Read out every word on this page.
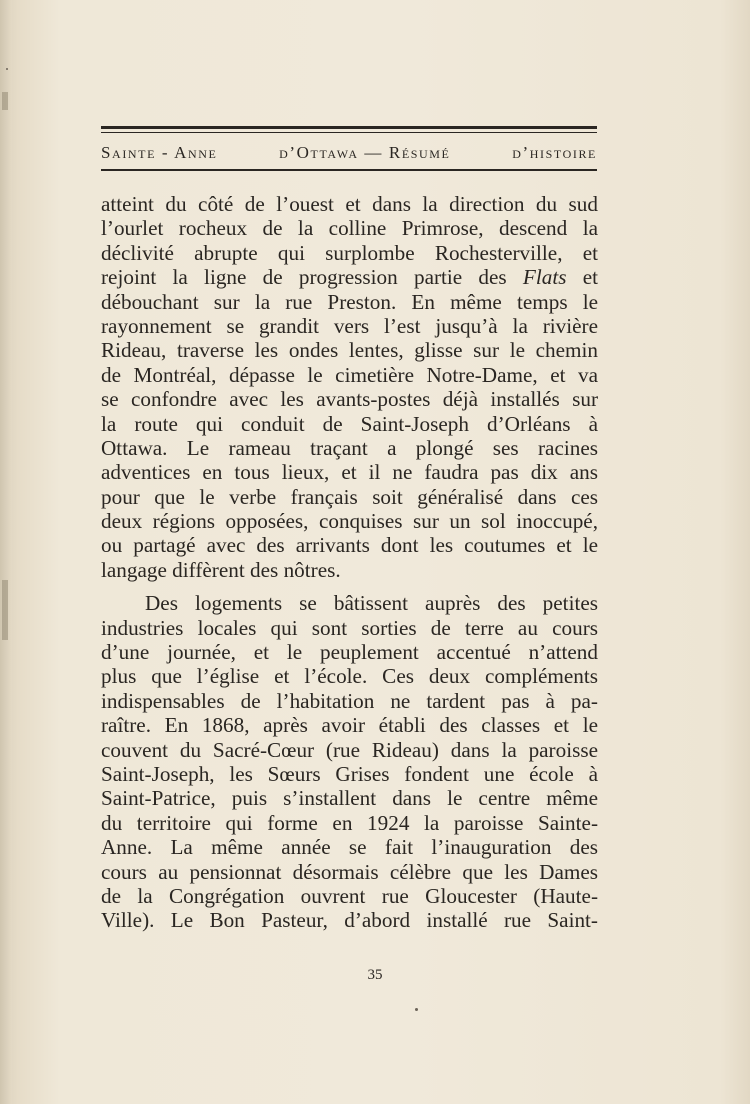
Sainte - Anne	d’Ottawa — Résumé	d’histoire

atteint du côté de l’ouest et dans la direction du sud
l’ourlet rocheux de la colline Primrose, descend la
déclivité abrupte qui surplombe Rochesterville, et
rejoint la ligne de progression partie des Flats et
débouchant sur la rue Preston. En même temps le
rayonnement se grandit vers l’est jusqu’à la rivière
Rideau, traverse les ondes lentes, glisse sur le chemin
de Montréal, dépasse le cimetière Notre-Dame, et va
se confondre avec les avants-postes déjà installés sur
la route qui conduit de Saint-Joseph d’Orléans à
Ottawa. Le rameau traçant a plongé ses racines
adventices en tous lieux, et il ne faudra pas dix ans
pour que le verbe français soit généralisé dans ces
deux régions opposées, conquises sur un sol inoccupé,
ou partagé avec des arrivants dont les coutumes et le
langage diffèrent des nôtres.

Des logements se bâtissent auprès des petites
industries locales qui sont sorties de terre au cours
d’une journée, et le peuplement accentué n’attend
plus que l’église et l’école. Ces deux compléments
indispensables de l’habitation ne tardent pas à pa-
raître. En 1868, après avoir établi des classes et le
couvent du Sacré-Cœur (rue Rideau) dans la paroisse
Saint-Joseph, les Sœurs Grises fondent une école à
Saint-Patrice, puis s’installent dans le centre même
du territoire qui forme en 1924 la paroisse Sainte-
Anne. La même année se fait l’inauguration des
cours au pensionnat désormais célèbre que les Dames
de la Congrégation ouvrent rue Gloucester (Haute-
Ville). Le Bon Pasteur, d’abord installé rue Saint-

35
